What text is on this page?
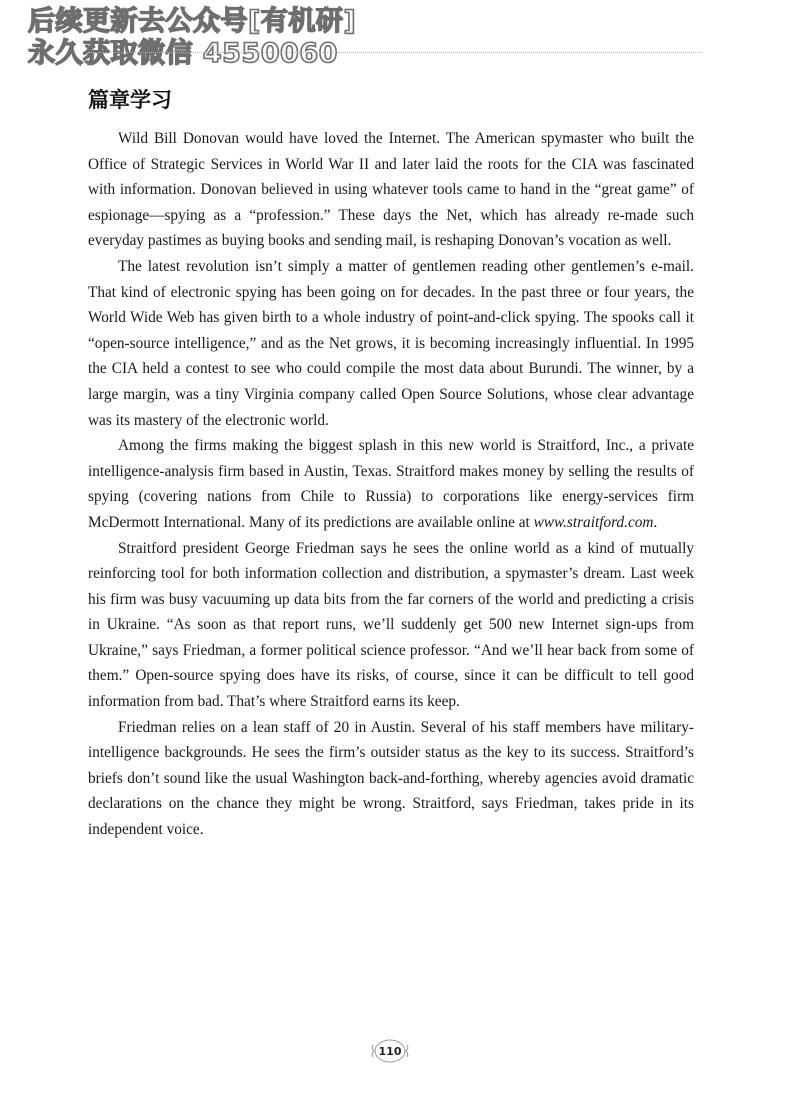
后续更新去公众号[有机研]
永久获取微信 4550060
篇章学习

Wild Bill Donovan would have loved the Internet. The American spymaster who built the Office of Strategic Services in World War II and later laid the roots for the CIA was fascinated with information. Donovan believed in using whatever tools came to hand in the “great game” of espionage—spying as a “profession.” These days the Net, which has already re-made such everyday pastimes as buying books and sending mail, is reshaping Donovan’s vocation as well.

The latest revolution isn’t simply a matter of gentlemen reading other gentlemen’s e-mail. That kind of electronic spying has been going on for decades. In the past three or four years, the World Wide Web has given birth to a whole industry of point-and-click spying. The spooks call it “open-source intelligence,” and as the Net grows, it is becoming increasingly influential. In 1995 the CIA held a contest to see who could compile the most data about Burundi. The winner, by a large margin, was a tiny Virginia company called Open Source Solutions, whose clear advantage was its mastery of the electronic world.

Among the firms making the biggest splash in this new world is Straitford, Inc., a private intelligence-analysis firm based in Austin, Texas. Straitford makes money by selling the results of spying (covering nations from Chile to Russia) to corporations like energy-services firm McDermott International. Many of its predictions are available online at www.straitford.com.

Straitford president George Friedman says he sees the online world as a kind of mutually reinforcing tool for both information collection and distribution, a spymaster’s dream. Last week his firm was busy vacuuming up data bits from the far corners of the world and predicting a crisis in Ukraine. “As soon as that report runs, we’ll suddenly get 500 new Internet sign-ups from Ukraine,” says Friedman, a former political science professor. “And we’ll hear back from some of them.” Open-source spying does have its risks, of course, since it can be difficult to tell good information from bad. That’s where Straitford earns its keep.

Friedman relies on a lean staff of 20 in Austin. Several of his staff members have military-intelligence backgrounds. He sees the firm’s outsider status as the key to its success. Straitford’s briefs don’t sound like the usual Washington back-and-forthing, whereby agencies avoid dramatic declarations on the chance they might be wrong. Straitford, says Friedman, takes pride in its independent voice.

110
